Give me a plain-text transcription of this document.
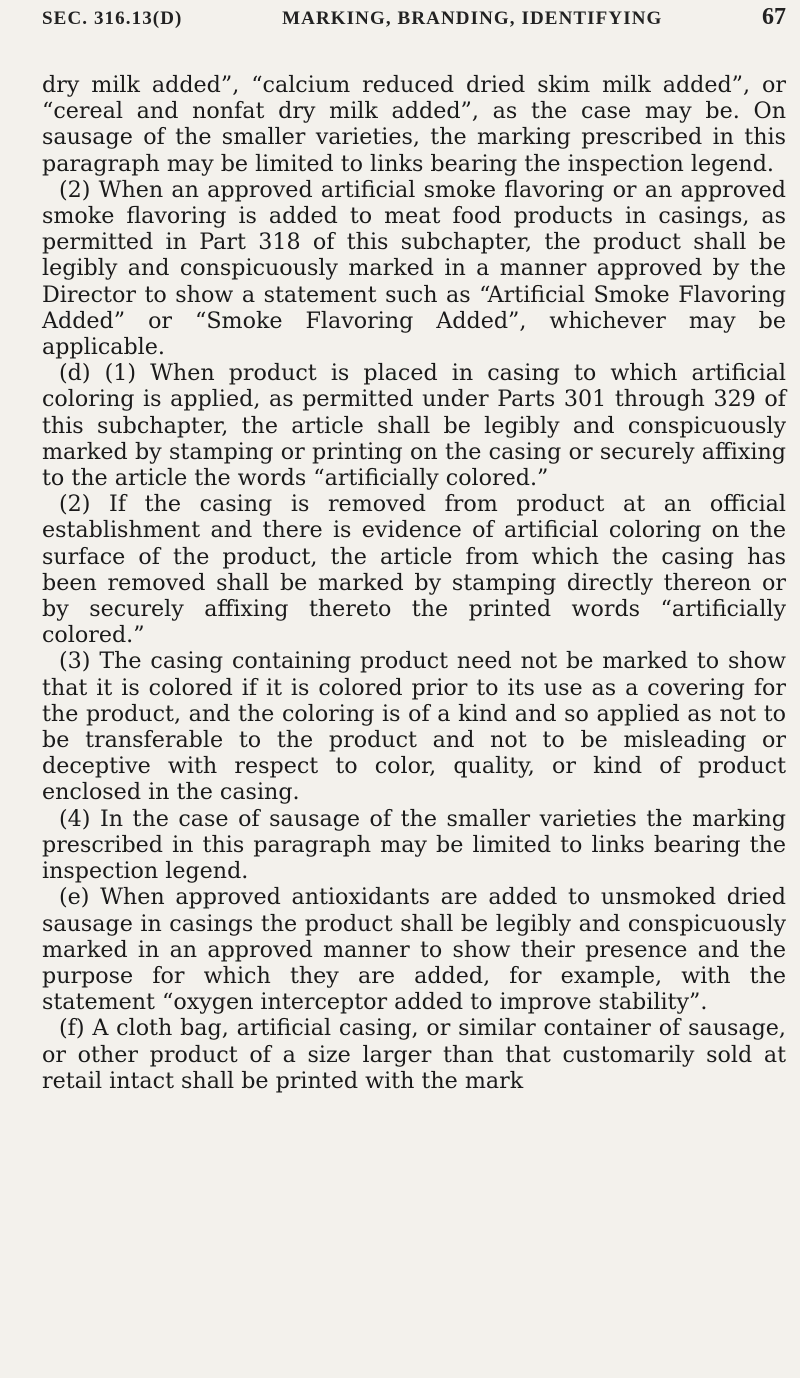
SEC. 316.13(D)	MARKING, BRANDING, IDENTIFYING	67

dry milk added”, “calcium reduced dried skim milk added”, or “cereal and nonfat dry milk added”, as the case may be. On sausage of the smaller varieties, the marking prescribed in this paragraph may be limited to links bearing the inspection legend.

(2) When an approved artificial smoke flavoring or an approved smoke flavoring is added to meat food products in casings, as permitted in Part 318 of this subchapter, the product shall be legibly and conspicuously marked in a manner approved by the Director to show a statement such as “Artificial Smoke Flavoring Added” or “Smoke Flavoring Added”, whichever may be applicable.

(d) (1) When product is placed in casing to which artificial coloring is applied, as permitted under Parts 301 through 329 of this subchapter, the article shall be legibly and conspicuously marked by stamping or printing on the casing or securely affixing to the article the words “artificially colored.”

(2) If the casing is removed from product at an official establishment and there is evidence of artificial coloring on the surface of the product, the article from which the casing has been removed shall be marked by stamping directly thereon or by securely affixing thereto the printed words “artificially colored.”

(3) The casing containing product need not be marked to show that it is colored if it is colored prior to its use as a covering for the product, and the coloring is of a kind and so applied as not to be transferable to the product and not to be misleading or deceptive with respect to color, quality, or kind of product enclosed in the casing.

(4) In the case of sausage of the smaller varieties the marking prescribed in this paragraph may be limited to links bearing the inspection legend.

(e) When approved antioxidants are added to unsmoked dried sausage in casings the product shall be legibly and conspicuously marked in an approved manner to show their presence and the purpose for which they are added, for example, with the statement “oxygen interceptor added to improve stability”.

(f) A cloth bag, artificial casing, or similar container of sausage, or other product of a size larger than that customarily sold at retail intact shall be printed with the mark
